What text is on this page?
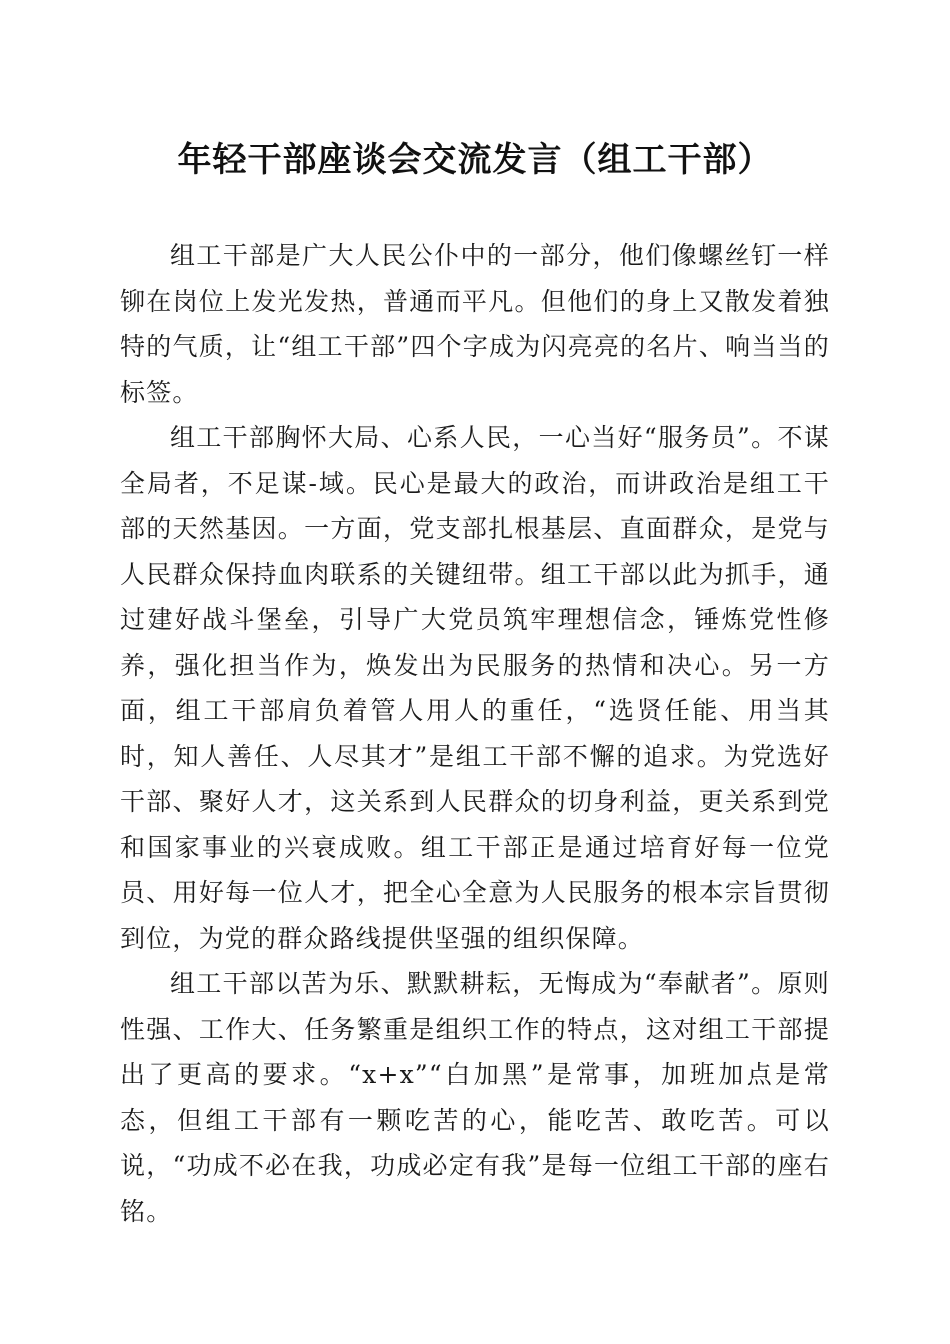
年轻干部座谈会交流发言（组工干部）

组工干部是广大人民公仆中的一部分，他们像螺丝钉一样铆在岗位上发光发热，普通而平凡。但他们的身上又散发着独特的气质，让“组工干部”四个字成为闪亮亮的名片、响当当的标签。

组工干部胸怀大局、心系人民，一心当好“服务员”。不谋全局者，不足谋-域。民心是最大的政治，而讲政治是组工干部的天然基因。一方面，党支部扎根基层、直面群众，是党与人民群众保持血肉联系的关键纽带。组工干部以此为抓手，通过建好战斗堡垒，引导广大党员筑牢理想信念，锤炼党性修养，强化担当作为，焕发出为民服务的热情和决心。另一方面，组工干部肩负着管人用人的重任，“选贤任能、用当其时，知人善任、人尽其才”是组工干部不懈的追求。为党选好干部、聚好人才，这关系到人民群众的切身利益，更关系到党和国家事业的兴衰成败。组工干部正是通过培育好每一位党员、用好每一位人才，把全心全意为人民服务的根本宗旨贯彻到位，为党的群众路线提供坚强的组织保障。

组工干部以苦为乐、默默耕耘，无悔成为“奉献者”。原则性强、工作大、任务繁重是组织工作的特点，这对组工干部提出了更高的要求。“x+x”“白加黑”是常事，加班加点是常态，但组工干部有一颗吃苦的心，能吃苦、敢吃苦。可以说，“功成不必在我，功成必定有我”是每一位组工干部的座右铭。
